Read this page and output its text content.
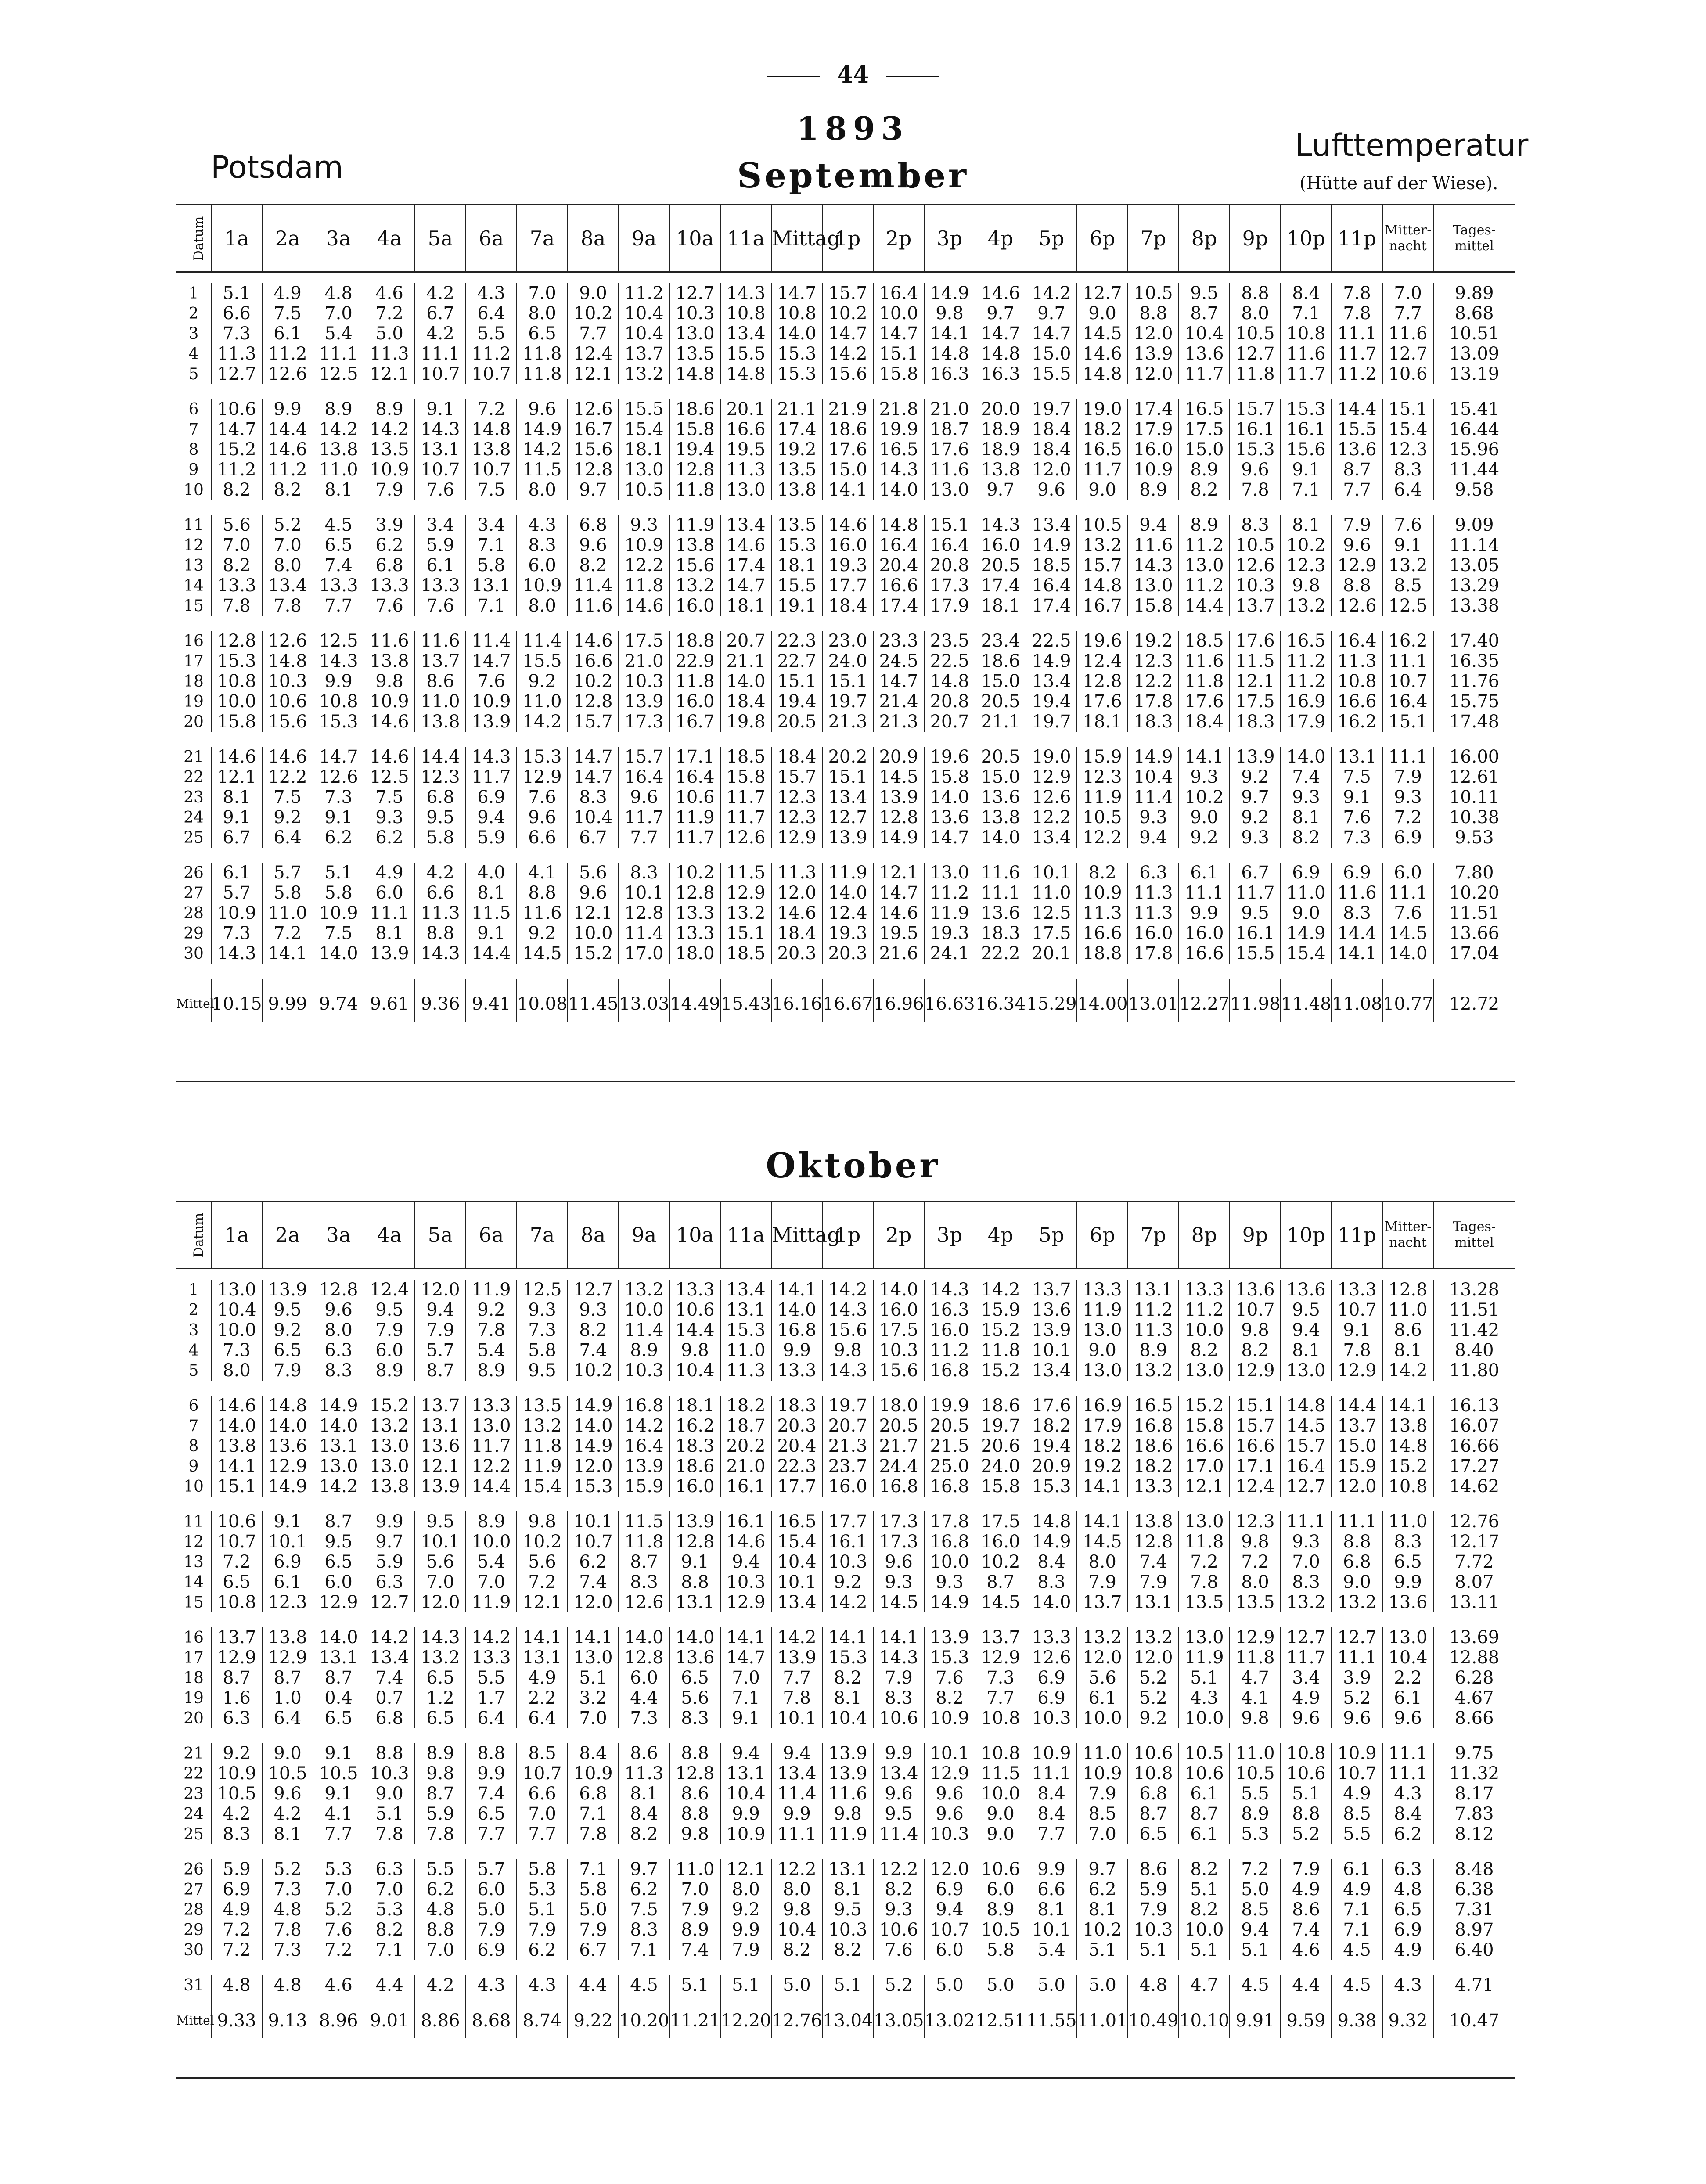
44
1893
Potsdam	September
Lufttemperatur
(Hütte auf der Wiese).
Datum	1a	2a	3a	4a	5a	6a	7a	8a	9a	10a	11a	Mittag	1p	2p	3p	4p	5p	6p	7p	8p	9p	10p	11p	Mitter-nacht	Tages-mittel

1	5.1	4.9	4.8	4.6	4.2	4.3	7.0	9.0	11.2	12.7	14.3	14.7	15.7	16.4	14.9	14.6	14.2	12.7	10.5	9.5	8.8	8.4	7.8	7.0	9.89
2	6.6	7.5	7.0	7.2	6.7	6.4	8.0	10.2	10.4	10.3	10.8	10.8	10.2	10.0	9.8	9.7	9.7	9.0	8.8	8.7	8.0	7.1	7.8	7.7	8.68
3	7.3	6.1	5.4	5.0	4.2	5.5	6.5	7.7	10.4	13.0	13.4	14.0	14.7	14.7	14.1	14.7	14.7	14.5	12.0	10.4	10.5	10.8	11.1	11.6	10.51
4	11.3	11.2	11.1	11.3	11.1	11.2	11.8	12.4	13.7	13.5	15.5	15.3	14.2	15.1	14.8	14.8	15.0	14.6	13.9	13.6	12.7	11.6	11.7	12.7	13.09
5	12.7	12.6	12.5	12.1	10.7	10.7	11.8	12.1	13.2	14.8	14.8	15.3	15.6	15.8	16.3	16.3	15.5	14.8	12.0	11.7	11.8	11.7	11.2	10.6	13.19

6	10.6	9.9	8.9	8.9	9.1	7.2	9.6	12.6	15.5	18.6	20.1	21.1	21.9	21.8	21.0	20.0	19.7	19.0	17.4	16.5	15.7	15.3	14.4	15.1	15.41
7	14.7	14.4	14.2	14.2	14.3	14.8	14.9	16.7	15.4	15.8	16.6	17.4	18.6	19.9	18.7	18.9	18.4	18.2	17.9	17.5	16.1	16.1	15.5	15.4	16.44
8	15.2	14.6	13.8	13.5	13.1	13.8	14.2	15.6	18.1	19.4	19.5	19.2	17.6	16.5	17.6	18.9	18.4	16.5	16.0	15.0	15.3	15.6	13.6	12.3	15.96
9	11.2	11.2	11.0	10.9	10.7	10.7	11.5	12.8	13.0	12.8	11.3	13.5	15.0	14.3	11.6	13.8	12.0	11.7	10.9	8.9	9.6	9.1	8.7	8.3	11.44
10	8.2	8.2	8.1	7.9	7.6	7.5	8.0	9.7	10.5	11.8	13.0	13.8	14.1	14.0	13.0	9.7	9.6	9.0	8.9	8.2	7.8	7.1	7.7	6.4	9.58

11	5.6	5.2	4.5	3.9	3.4	3.4	4.3	6.8	9.3	11.9	13.4	13.5	14.6	14.8	15.1	14.3	13.4	10.5	9.4	8.9	8.3	8.1	7.9	7.6	9.09
12	7.0	7.0	6.5	6.2	5.9	7.1	8.3	9.6	10.9	13.8	14.6	15.3	16.0	16.4	16.4	16.0	14.9	13.2	11.6	11.2	10.5	10.2	9.6	9.1	11.14
13	8.2	8.0	7.4	6.8	6.1	5.8	6.0	8.2	12.2	15.6	17.4	18.1	19.3	20.4	20.8	20.5	18.5	15.7	14.3	13.0	12.6	12.3	12.9	13.2	13.05
14	13.3	13.4	13.3	13.3	13.3	13.1	10.9	11.4	11.8	13.2	14.7	15.5	17.7	16.6	17.3	17.4	16.4	14.8	13.0	11.2	10.3	9.8	8.8	8.5	13.29
15	7.8	7.8	7.7	7.6	7.6	7.1	8.0	11.6	14.6	16.0	18.1	19.1	18.4	17.4	17.9	18.1	17.4	16.7	15.8	14.4	13.7	13.2	12.6	12.5	13.38

16	12.8	12.6	12.5	11.6	11.6	11.4	11.4	14.6	17.5	18.8	20.7	22.3	23.0	23.3	23.5	23.4	22.5	19.6	19.2	18.5	17.6	16.5	16.4	16.2	17.40
17	15.3	14.8	14.3	13.8	13.7	14.7	15.5	16.6	21.0	22.9	21.1	22.7	24.0	24.5	22.5	18.6	14.9	12.4	12.3	11.6	11.5	11.2	11.3	11.1	16.35
18	10.8	10.3	9.9	9.8	8.6	7.6	9.2	10.2	10.3	11.8	14.0	15.1	15.1	14.7	14.8	15.0	13.4	12.8	12.2	11.8	12.1	11.2	10.8	10.7	11.76
19	10.0	10.6	10.8	10.9	11.0	10.9	11.0	12.8	13.9	16.0	18.4	19.4	19.7	21.4	20.8	20.5	19.4	17.6	17.8	17.6	17.5	16.9	16.6	16.4	15.75
20	15.8	15.6	15.3	14.6	13.8	13.9	14.2	15.7	17.3	16.7	19.8	20.5	21.3	21.3	20.7	21.1	19.7	18.1	18.3	18.4	18.3	17.9	16.2	15.1	17.48

21	14.6	14.6	14.7	14.6	14.4	14.3	15.3	14.7	15.7	17.1	18.5	18.4	20.2	20.9	19.6	20.5	19.0	15.9	14.9	14.1	13.9	14.0	13.1	11.1	16.00
22	12.1	12.2	12.6	12.5	12.3	11.7	12.9	14.7	16.4	16.4	15.8	15.7	15.1	14.5	15.8	15.0	12.9	12.3	10.4	9.3	9.2	7.4	7.5	7.9	12.61
23	8.1	7.5	7.3	7.5	6.8	6.9	7.6	8.3	9.6	10.6	11.7	12.3	13.4	13.9	14.0	13.6	12.6	11.9	11.4	10.2	9.7	9.3	9.1	9.3	10.11
24	9.1	9.2	9.1	9.3	9.5	9.4	9.6	10.4	11.7	11.9	11.7	12.3	12.7	12.8	13.6	13.8	12.2	10.5	9.3	9.0	9.2	8.1	7.6	7.2	10.38
25	6.7	6.4	6.2	6.2	5.8	5.9	6.6	6.7	7.7	11.7	12.6	12.9	13.9	14.9	14.7	14.0	13.4	12.2	9.4	9.2	9.3	8.2	7.3	6.9	9.53

26	6.1	5.7	5.1	4.9	4.2	4.0	4.1	5.6	8.3	10.2	11.5	11.3	11.9	12.1	13.0	11.6	10.1	8.2	6.3	6.1	6.7	6.9	6.9	6.0	7.80
27	5.7	5.8	5.8	6.0	6.6	8.1	8.8	9.6	10.1	12.8	12.9	12.0	14.0	14.7	11.2	11.1	11.0	10.9	11.3	11.1	11.7	11.0	11.6	11.1	10.20
28	10.9	11.0	10.9	11.1	11.3	11.5	11.6	12.1	12.8	13.3	13.2	14.6	12.4	14.6	11.9	13.6	12.5	11.3	11.3	9.9	9.5	9.0	8.3	7.6	11.51
29	7.3	7.2	7.5	8.1	8.8	9.1	9.2	10.0	11.4	13.3	15.1	18.4	19.3	19.5	19.3	18.3	17.5	16.6	16.0	16.0	16.1	14.9	14.4	14.5	13.66
30	14.3	14.1	14.0	13.9	14.3	14.4	14.5	15.2	17.0	18.0	18.5	20.3	20.3	21.6	24.1	22.2	20.1	18.8	17.8	16.6	15.5	15.4	14.1	14.0	17.04

Mittel	10.15	9.99	9.74	9.61	9.36	9.41	10.08	11.45	13.03	14.49	15.43	16.16	16.67	16.96	16.63	16.34	15.29	14.00	13.01	12.27	11.98	11.48	11.08	10.77	12.72

Oktober
Datum	1a	2a	3a	4a	5a	6a	7a	8a	9a	10a	11a	Mittag	1p	2p	3p	4p	5p	6p	7p	8p	9p	10p	11p	Mitter-nacht	Tages-mittel

1	13.0	13.9	12.8	12.4	12.0	11.9	12.5	12.7	13.2	13.3	13.4	14.1	14.2	14.0	14.3	14.2	13.7	13.3	13.1	13.3	13.6	13.6	13.3	12.8	13.28
2	10.4	9.5	9.6	9.5	9.4	9.2	9.3	9.3	10.0	10.6	13.1	14.0	14.3	16.0	16.3	15.9	13.6	11.9	11.2	11.2	10.7	9.5	10.7	11.0	11.51
3	10.0	9.2	8.0	7.9	7.9	7.8	7.3	8.2	11.4	14.4	15.3	16.8	15.6	17.5	16.0	15.2	13.9	13.0	11.3	10.0	9.8	9.4	9.1	8.6	11.42
4	7.3	6.5	6.3	6.0	5.7	5.4	5.8	7.4	8.9	9.8	11.0	9.9	9.8	10.3	11.2	11.8	10.1	9.0	8.9	8.2	8.2	8.1	7.8	8.1	8.40
5	8.0	7.9	8.3	8.9	8.7	8.9	9.5	10.2	10.3	10.4	11.3	13.3	14.3	15.6	16.8	15.2	13.4	13.0	13.2	13.0	12.9	13.0	12.9	14.2	11.80

6	14.6	14.8	14.9	15.2	13.7	13.3	13.5	14.9	16.8	18.1	18.2	18.3	19.7	18.0	19.9	18.6	17.6	16.9	16.5	15.2	15.1	14.8	14.4	14.1	16.13
7	14.0	14.0	14.0	13.2	13.1	13.0	13.2	14.0	14.2	16.2	18.7	20.3	20.7	20.5	20.5	19.7	18.2	17.9	16.8	15.8	15.7	14.5	13.7	13.8	16.07
8	13.8	13.6	13.1	13.0	13.6	11.7	11.8	14.9	16.4	18.3	20.2	20.4	21.3	21.7	21.5	20.6	19.4	18.2	18.6	16.6	16.6	15.7	15.0	14.8	16.66
9	14.1	12.9	13.0	13.0	12.1	12.2	11.9	12.0	13.9	18.6	21.0	22.3	23.7	24.4	25.0	24.0	20.9	19.2	18.2	17.0	17.1	16.4	15.9	15.2	17.27
10	15.1	14.9	14.2	13.8	13.9	14.4	15.4	15.3	15.9	16.0	16.1	17.7	16.0	16.8	16.8	15.8	15.3	14.1	13.3	12.1	12.4	12.7	12.0	10.8	14.62

11	10.6	9.1	8.7	9.9	9.5	8.9	9.8	10.1	11.5	13.9	16.1	16.5	17.7	17.3	17.8	17.5	14.8	14.1	13.8	13.0	12.3	11.1	11.1	11.0	12.76
12	10.7	10.1	9.5	9.7	10.1	10.0	10.2	10.7	11.8	12.8	14.6	15.4	16.1	17.3	16.8	16.0	14.9	14.5	12.8	11.8	9.8	9.3	8.8	8.3	12.17
13	7.2	6.9	6.5	5.9	5.6	5.4	5.6	6.2	8.7	9.1	9.4	10.4	10.3	9.6	10.0	10.2	8.4	8.0	7.4	7.2	7.2	7.0	6.8	6.5	7.72
14	6.5	6.1	6.0	6.3	7.0	7.0	7.2	7.4	8.3	8.8	10.3	10.1	9.2	9.3	9.3	8.7	8.3	7.9	7.9	7.8	8.0	8.3	9.0	9.9	8.07
15	10.8	12.3	12.9	12.7	12.0	11.9	12.1	12.0	12.6	13.1	12.9	13.4	14.2	14.5	14.9	14.5	14.0	13.7	13.1	13.5	13.5	13.2	13.2	13.6	13.11

16	13.7	13.8	14.0	14.2	14.3	14.2	14.1	14.1	14.0	14.0	14.1	14.2	14.1	14.1	13.9	13.7	13.3	13.2	13.2	13.0	12.9	12.7	12.7	13.0	13.69
17	12.9	12.9	13.1	13.4	13.2	13.3	13.1	13.0	12.8	13.6	14.7	13.9	15.3	14.3	15.3	12.9	12.6	12.0	12.0	11.9	11.8	11.7	11.1	10.4	12.88
18	8.7	8.7	8.7	7.4	6.5	5.5	4.9	5.1	6.0	6.5	7.0	7.7	8.2	7.9	7.6	7.3	6.9	5.6	5.2	5.1	4.7	3.4	3.9	2.2	6.28
19	1.6	1.0	0.4	0.7	1.2	1.7	2.2	3.2	4.4	5.6	7.1	7.8	8.1	8.3	8.2	7.7	6.9	6.1	5.2	4.3	4.1	4.9	5.2	6.1	4.67
20	6.3	6.4	6.5	6.8	6.5	6.4	6.4	7.0	7.3	8.3	9.1	10.1	10.4	10.6	10.9	10.8	10.3	10.0	9.2	10.0	9.8	9.6	9.6	9.6	8.66

21	9.2	9.0	9.1	8.8	8.9	8.8	8.5	8.4	8.6	8.8	9.4	9.4	13.9	9.9	10.1	10.8	10.9	11.0	10.6	10.5	11.0	10.8	10.9	11.1	9.75
22	10.9	10.5	10.5	10.3	9.8	9.9	10.7	10.9	11.3	12.8	13.1	13.4	13.9	13.4	12.9	11.5	11.1	10.9	10.8	10.6	10.5	10.6	10.7	11.1	11.32
23	10.5	9.6	9.1	9.0	8.7	7.4	6.6	6.8	8.1	8.6	10.4	11.4	11.6	9.6	9.6	10.0	8.4	7.9	6.8	6.1	5.5	5.1	4.9	4.3	8.17
24	4.2	4.2	4.1	5.1	5.9	6.5	7.0	7.1	8.4	8.8	9.9	9.9	9.8	9.5	9.6	9.0	8.4	8.5	8.7	8.7	8.9	8.8	8.5	8.4	7.83
25	8.3	8.1	7.7	7.8	7.8	7.7	7.7	7.8	8.2	9.8	10.9	11.1	11.9	11.4	10.3	9.0	7.7	7.0	6.5	6.1	5.3	5.2	5.5	6.2	8.12

26	5.9	5.2	5.3	6.3	5.5	5.7	5.8	7.1	9.7	11.0	12.1	12.2	13.1	12.2	12.0	10.6	9.9	9.7	8.6	8.2	7.2	7.9	6.1	6.3	8.48
27	6.9	7.3	7.0	7.0	6.2	6.0	5.3	5.8	6.2	7.0	8.0	8.0	8.1	8.2	6.9	6.0	6.6	6.2	5.9	5.1	5.0	4.9	4.9	4.8	6.38
28	4.9	4.8	5.2	5.3	4.8	5.0	5.1	5.0	7.5	7.9	9.2	9.8	9.5	9.3	9.4	8.9	8.1	8.1	7.9	8.2	8.5	8.6	7.1	6.5	7.31
29	7.2	7.8	7.6	8.2	8.8	7.9	7.9	7.9	8.3	8.9	9.9	10.4	10.3	10.6	10.7	10.5	10.1	10.2	10.3	10.0	9.4	7.4	7.1	6.9	8.97
30	7.2	7.3	7.2	7.1	7.0	6.9	6.2	6.7	7.1	7.4	7.9	8.2	8.2	7.6	6.0	5.8	5.4	5.1	5.1	5.1	5.1	4.6	4.5	4.9	6.40

31	4.8	4.8	4.6	4.4	4.2	4.3	4.3	4.4	4.5	5.1	5.1	5.0	5.1	5.2	5.0	5.0	5.0	5.0	4.8	4.7	4.5	4.4	4.5	4.3	4.71
Mittel	9.33	9.13	8.96	9.01	8.86	8.68	8.74	9.22	10.20	11.21	12.20	12.76	13.04	13.05	13.02	12.51	11.55	11.01	10.49	10.10	9.91	9.59	9.38	9.32	10.47
